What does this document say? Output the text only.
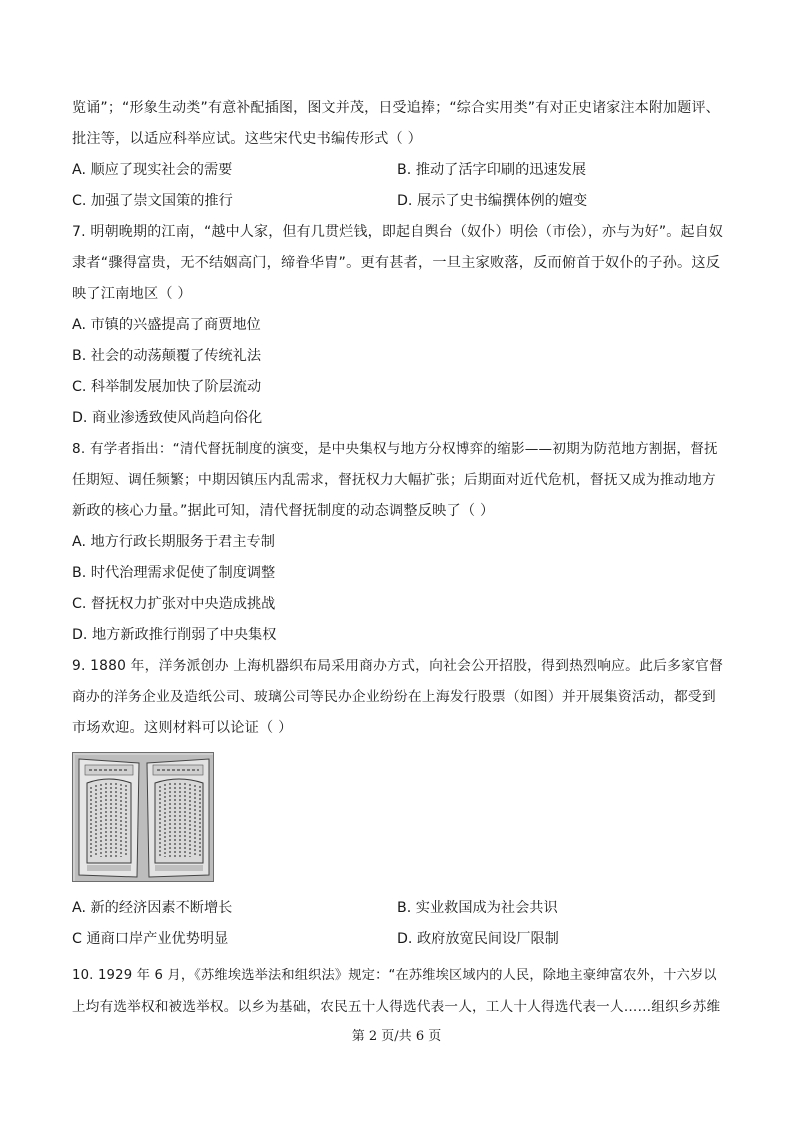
览诵”；“形象生动类”有意补配插图，图文并茂，日受追捧；“综合实用类”有对正史诸家注本附加题评、
批注等，以适应科举应试。这些宋代史书编传形式（ ）
A. 顺应了现实社会的需要	B. 推动了活字印刷的迅速发展
C. 加强了崇文国策的推行	D. 展示了史书编撰体例的嬗变
7. 明朝晚期的江南，“越中人家，但有几贯烂钱，即起自舆台（奴仆）明侩（市侩），亦与为好”。起自奴
隶者“骤得富贵，无不结姻高门，缔眷华胄”。更有甚者，一旦主家败落，反而俯首于奴仆的子孙。这反
映了江南地区（ ）
A. 市镇的兴盛提高了商贾地位
B. 社会的动荡颠覆了传统礼法
C. 科举制发展加快了阶层流动
D. 商业渗透致使风尚趋向俗化
8. 有学者指出：“清代督抚制度的演变，是中央集权与地方分权博弈的缩影——初期为防范地方割据，督抚
任期短、调任频繁；中期因镇压内乱需求，督抚权力大幅扩张；后期面对近代危机，督抚又成为推动地方
新政的核心力量。”据此可知，清代督抚制度的动态调整反映了（ ）
A. 地方行政长期服务于君主专制
B. 时代治理需求促使了制度调整
C. 督抚权力扩张对中央造成挑战
D. 地方新政推行削弱了中央集权
9. 1880 年，洋务派创办 上海机器织布局采用商办方式，向社会公开招股，得到热烈响应。此后多家官督
商办的洋务企业及造纸公司、玻璃公司等民办企业纷纷在上海发行股票（如图）并开展集资活动，都受到
市场欢迎。这则材料可以论证（ ）
A. 新的经济因素不断增长	B. 实业救国成为社会共识
C 通商口岸产业优势明显	D. 政府放宽民间设厂限制
10. 1929 年 6 月，《苏维埃选举法和组织法》规定：“在苏维埃区域内的人民，除地主豪绅富农外，十六岁以
上均有选举权和被选举权。以乡为基础，农民五十人得选代表一人，工人十人得选代表一人……组织乡苏维
第 2 页/共 6 页
